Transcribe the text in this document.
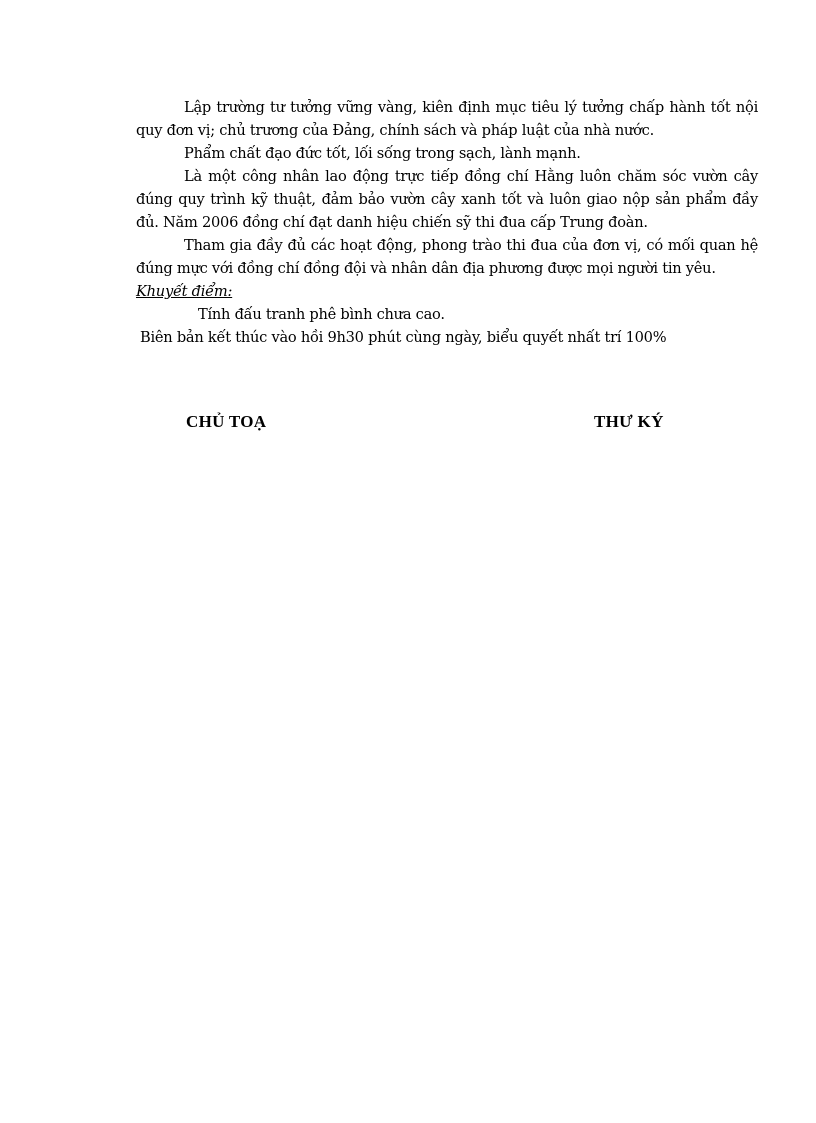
Lập trường tư tưởng vững vàng, kiên định mục tiêu lý tưởng chấp hành tốt nội quy đơn vị; chủ trương của Đảng, chính sách và pháp luật của nhà nước.

Phẩm chất đạo đức tốt, lối sống trong sạch, lành mạnh.

Là một công nhân lao động trực tiếp đồng chí Hằng luôn chăm sóc vườn cây đúng quy trình kỹ thuật, đảm bảo vườn cây xanh tốt và luôn giao nộp sản phẩm đầy đủ. Năm 2006 đồng chí đạt danh hiệu chiến sỹ thi đua cấp Trung đoàn.

Tham gia đầy đủ các hoạt động, phong trào thi đua của đơn vị, có mối quan hệ đúng mực với đồng chí đồng đội và nhân dân địa phương được mọi người tin yêu.

Khuyết điểm:

Tính đấu tranh phê bình chưa cao.

Biên bản kết thúc vào hồi 9h30 phút cùng ngày, biểu quyết nhất trí 100%

CHỦ TOẠ	THƯ KÝ
